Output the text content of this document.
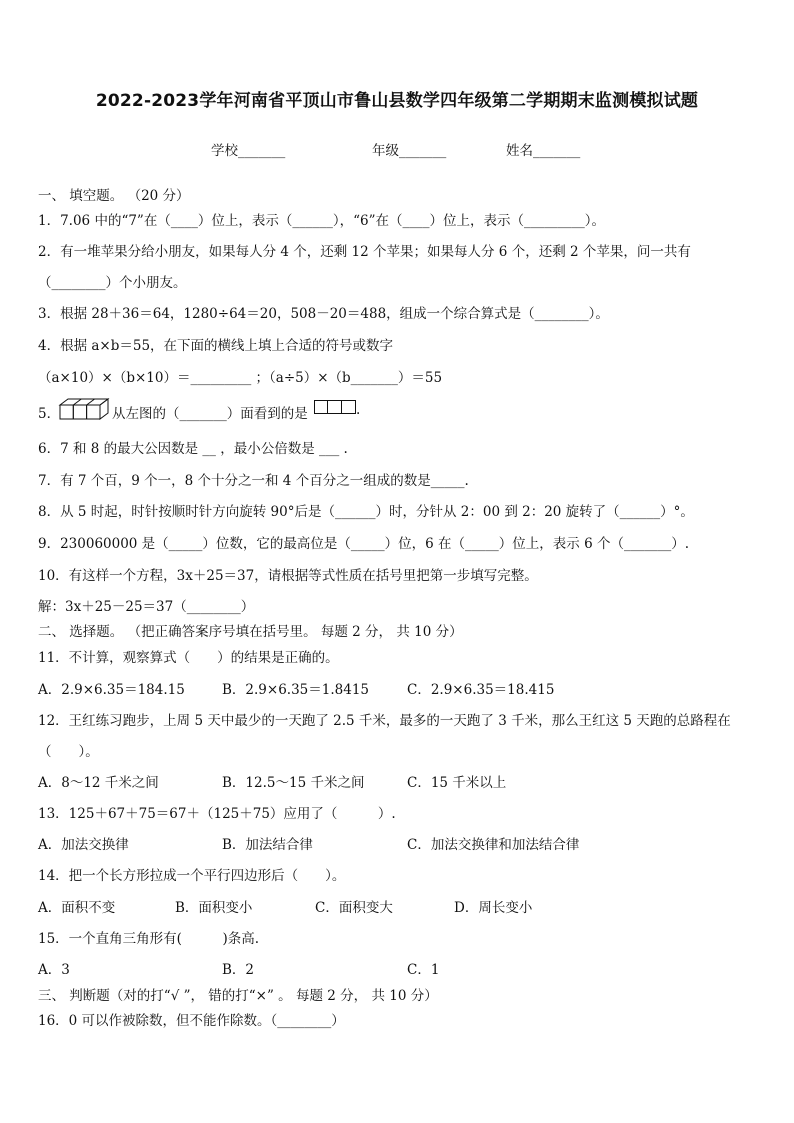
2022-2023学年河南省平顶山市鲁山县数学四年级第二学期期末监测模拟试题
学校_______	年级_______	姓名_______
一、 填空题。 （20 分）
1．7.06 中的“7”在（____）位上，表示（______），“6”在（____）位上，表示（_________）。
2．有一堆苹果分给小朋友，如果每人分 4 个，还剩 12 个苹果；如果每人分 6 个，还剩 2 个苹果，问一共有
（________）个小朋友。
3．根据 28＋36＝64，1280÷64＝20，508－20＝488，组成一个综合算式是（________）。
4．根据 a×b＝55，在下面的横线上填上合适的符号或数字
（a×10）×（b×10）＝_________ ；（a÷5）×（b_______）＝55
5．	从左图的（_______）面看到的是	.
6．7 和 8 的最大公因数是 __ ，最小公倍数是 ___ .
7．有 7 个百，9 个一，8 个十分之一和 4 个百分之一组成的数是_____.
8．从 5 时起，时针按顺时针方向旋转 90°后是（______）时，分针从 2：00 到 2：20 旋转了（______）°。
9．230060000 是（_____）位数，它的最高位是（_____）位，6 在（_____）位上，表示 6 个（_______）.
10．有这样一个方程，3x＋25＝37，请根据等式性质在括号里把第一步填写完整。
解：3x＋25－25＝37（________）
二、 选择题。 （把正确答案序号填在括号里。 每题 2 分， 共 10 分）
11．不计算，观察算式（　　）的结果是正确的。
A．2.9×6.35＝184.15	B．2.9×6.35＝1.8415	C．2.9×6.35＝18.415
12．王红练习跑步，上周 5 天中最少的一天跑了 2.5 千米，最多的一天跑了 3 千米，那么王红这 5 天跑的总路程在
（　　）。
A．8～12 千米之间	B．12.5～15 千米之间	C．15 千米以上
13．125＋67＋75＝67＋（125＋75）应用了（　　　）.
A．加法交换律	B．加法结合律	C．加法交换律和加法结合律
14．把一个长方形拉成一个平行四边形后（　　）。
A．面积不变	B．面积变小	C．面积变大	D．周长变小
15．一个直角三角形有(　　　)条高.
A．3	B．2	C．1
三、 判断题（对的打“√ ”， 错的打“×” 。 每题 2 分， 共 10 分）
16．0 可以作被除数，但不能作除数。（________）
